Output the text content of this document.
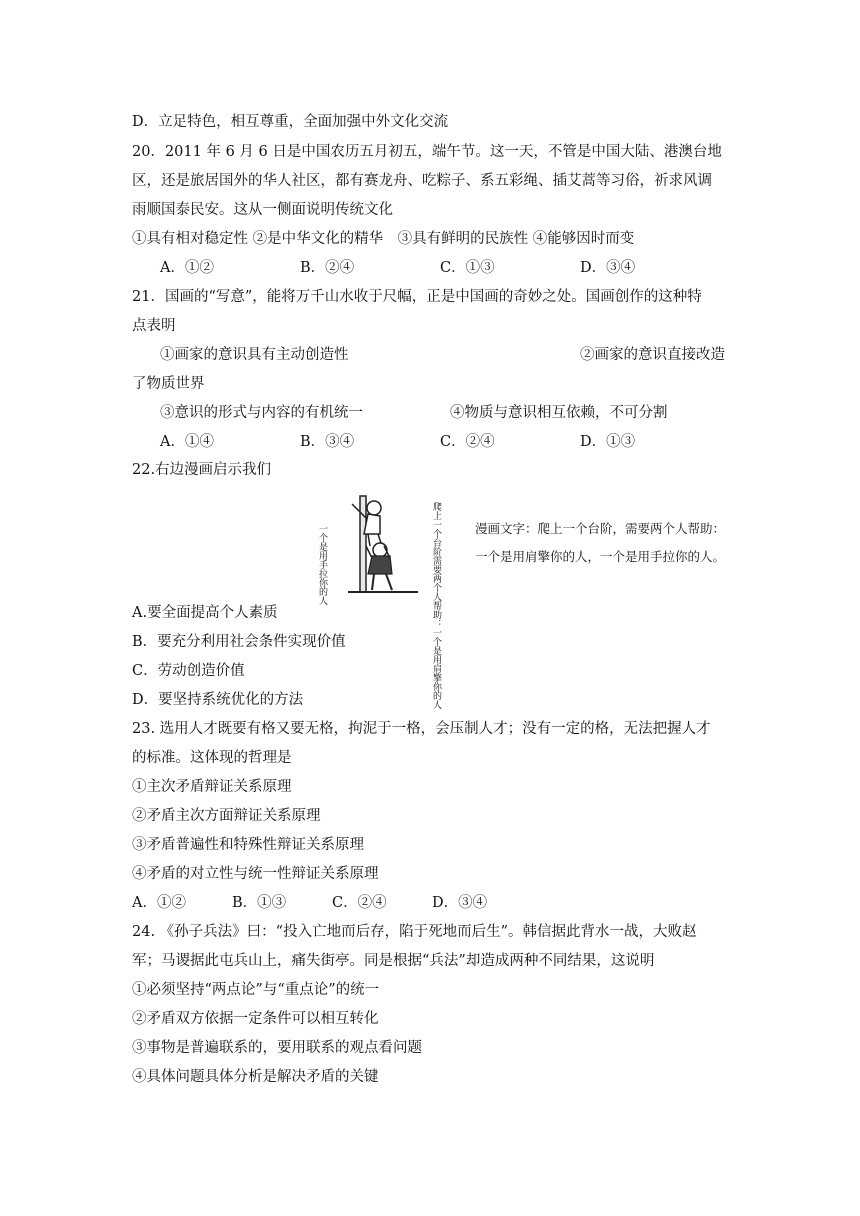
D．立足特色，相互尊重，全面加强中外文化交流
20．2011 年 6 月 6 日是中国农历五月初五，端午节。这一天，不管是中国大陆、港澳台地
区，还是旅居国外的华人社区，都有赛龙舟、吃粽子、系五彩绳、插艾蒿等习俗，祈求风调
雨顺国泰民安。这从一侧面说明传统文化
①具有相对稳定性 ②是中华文化的精华　③具有鲜明的民族性 ④能够因时而变
A．①②	B．②④	C．①③	D．③④
21．国画的“写意”，能将万千山水收于尺幅，正是中国画的奇妙之处。国画创作的这种特
点表明
①画家的意识具有主动创造性	②画家的意识直接改造
了物质世界
③意识的形式与内容的有机统一　　　　　　④物质与意识相互依赖，不可分割
A．①④	B．③④	C．②④	D．①③
22.右边漫画启示我们
爬上一个台阶需要两个人帮助：一个是用肩擎你的人
一个是用手拉你的人	漫画文字：爬上一个台阶，需要两个人帮助：
一个是用肩擎你的人，一个是用手拉你的人。
A.要全面提高个人素质
B．要充分利用社会条件实现价值
C．劳动创造价值
D．要坚持系统优化的方法
23. 选用人才既要有格又要无格，拘泥于一格，会压制人才；没有一定的格，无法把握人才
的标准。这体现的哲理是
①主次矛盾辩证关系原理
②矛盾主次方面辩证关系原理
③矛盾普遍性和特殊性辩证关系原理
④矛盾的对立性与统一性辩证关系原理
A．①②	B．①③	C．②④	D．③④
24. 《孙子兵法》曰：“投入亡地而后存，陷于死地而后生”。韩信据此背水一战，大败赵
军；马谡据此屯兵山上，痛失街亭。同是根据“兵法”却造成两种不同结果，这说明
①必须坚持“两点论”与“重点论”的统一
②矛盾双方依据一定条件可以相互转化
③事物是普遍联系的，要用联系的观点看问题
④具体问题具体分析是解决矛盾的关键
